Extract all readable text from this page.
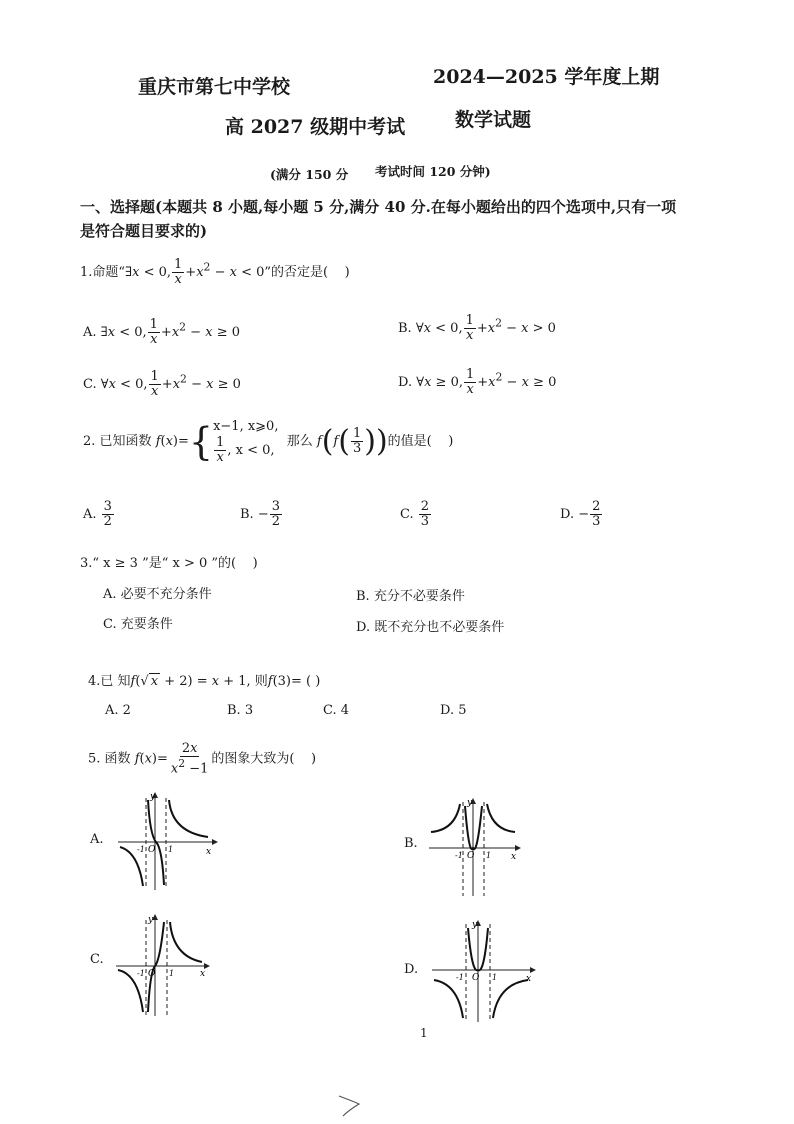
重庆市第七中学校	2024—2025 学年度上期
高 2027 级期中考试	数学试题
(满分 150 分 考试时间 120 分钟)
一、选择题(本题共 8 小题,每小题 5 分,满分 40 分.在每小题给出的四个选项中,只有一项
是符合题目要求的)
1.命题“∃x < 0, $\frac{1}{x} +x^2 - x < 0$”的否定是( )
A. ∃x < 0, $\frac{1}{x} +x^2 - x \ge 0$	B. ∀x < 0, $\frac{1}{x} +x^2 - x > 0$
C. ∀x < 0, $\frac{1}{x} +x^2 - x \ge 0$	D. ∀x ≥ 0, $\frac{1}{x} +x^2 - x \ge 0$
2. 已知函数 f(x)={ x−1, x⩾0,
$\frac{1}{x}$ , x < 0,
那么 $f(f( \frac{1}{3}$ ))的值是( )
A. $\frac{3}{2}$	B. − $\frac{3}{2}$	C. $\frac{2}{3}$	D. − $\frac{2}{3}$
3.“ x ≥ 3 ”是“ x > 0 ”的( )
A. 必要不充分条件	B. 充分不必要条件
C. 充要条件	D. 既不充分也不必要条件
4.已 知f(√ x + 2) = x + 1, 则f(3)= ( )
A. 2	B. 3	C. 4	D. 5
5. 函数 $f(x)= \frac{2x}{x^2 -1}$ 的图象大致为( )
A.	B.
C.
D.
y
x
O
-1	1
y
x
O
-1	1
y
x
O
-1	1
y
x
O
-1	1
1
